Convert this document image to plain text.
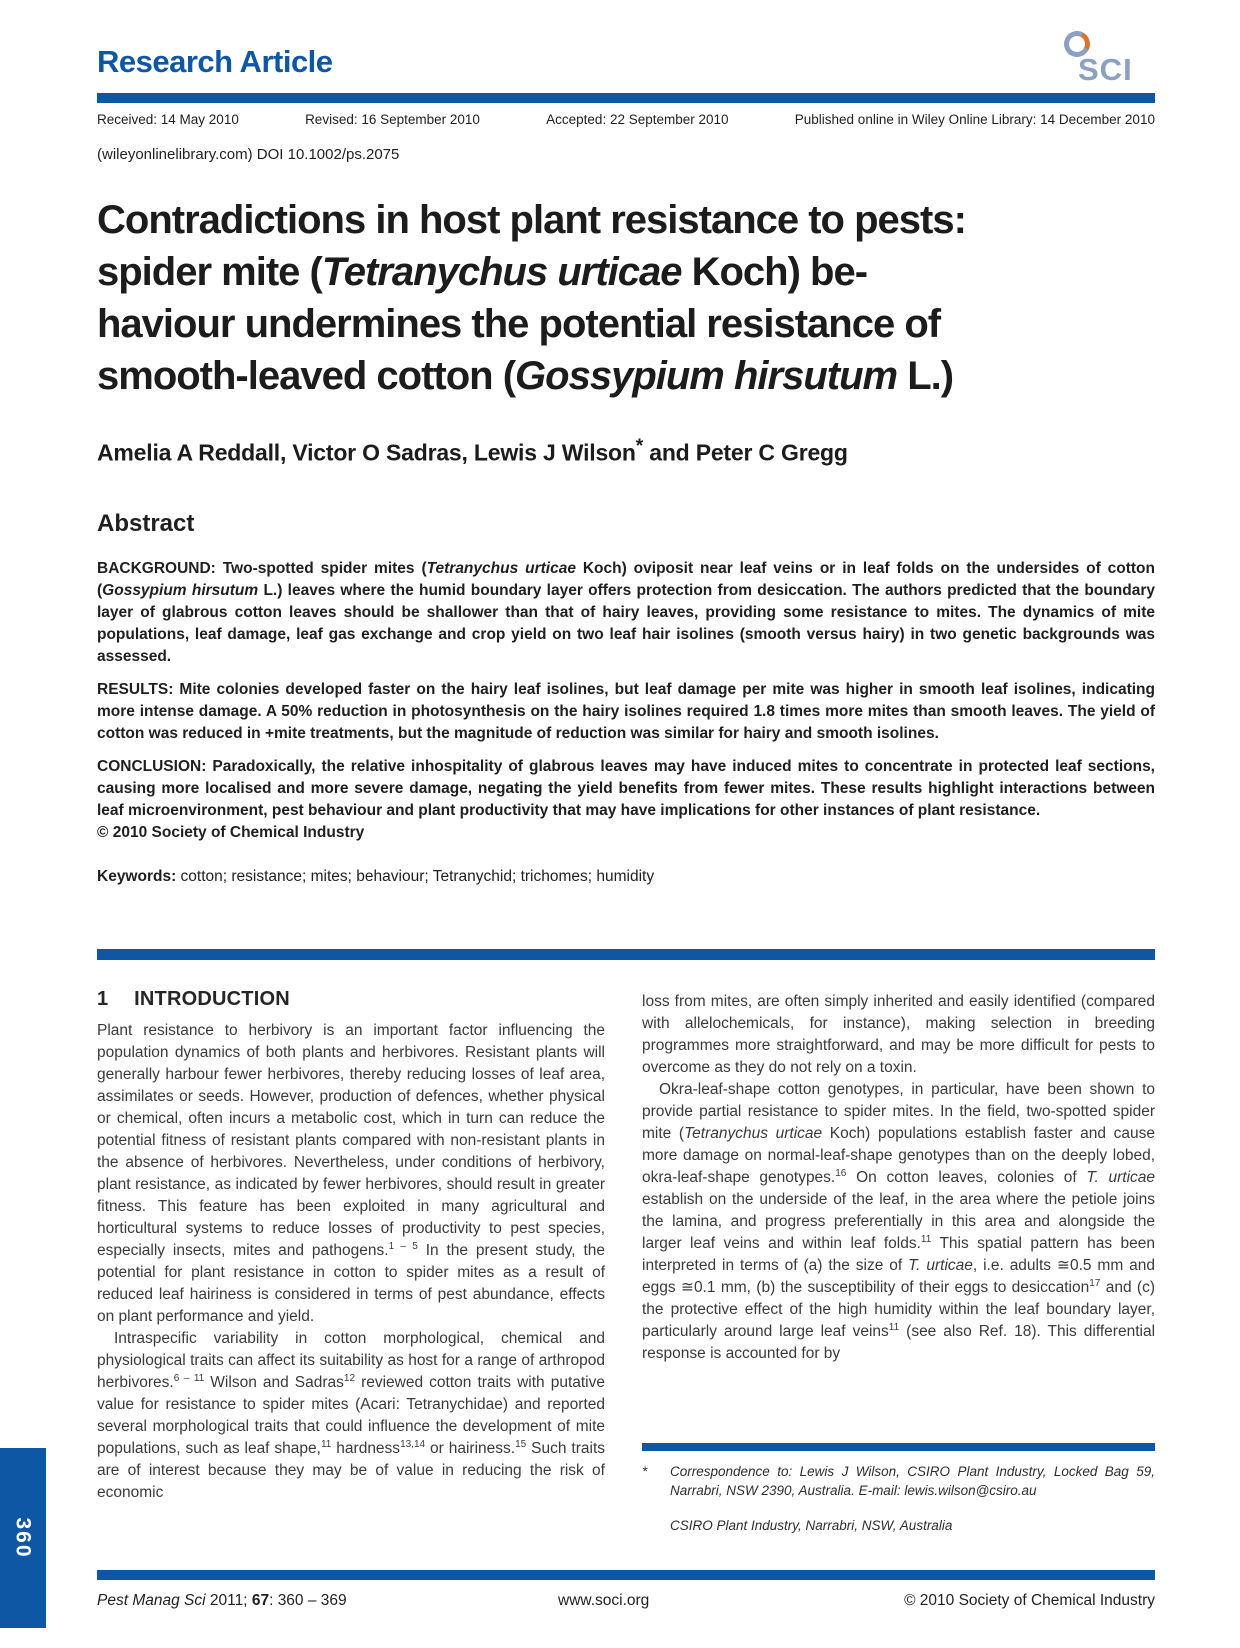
Research Article	SCI
Received: 14 May 2010	Revised: 16 September 2010	Accepted: 22 September 2010	Published online in Wiley Online Library: 14 December 2010
(wileyonlinelibrary.com) DOI 10.1002/ps.2075
Contradictions in host plant resistance to pests:
spider mite (Tetranychus urticae Koch) be-
haviour undermines the potential resistance of
smooth-leaved cotton (Gossypium hirsutum L.)
Amelia A Reddall, Victor O Sadras, Lewis J Wilson* and Peter C Gregg
Abstract

BACKGROUND: Two-spotted spider mites (Tetranychus urticae Koch) oviposit near leaf veins or in leaf folds on the undersides of cotton (Gossypium hirsutum L.) leaves where the humid boundary layer offers protection from desiccation. The authors predicted that the boundary layer of glabrous cotton leaves should be shallower than that of hairy leaves, providing some resistance to mites. The dynamics of mite populations, leaf damage, leaf gas exchange and crop yield on two leaf hair isolines (smooth versus hairy) in two genetic backgrounds was assessed.

RESULTS: Mite colonies developed faster on the hairy leaf isolines, but leaf damage per mite was higher in smooth leaf isolines, indicating more intense damage. A 50% reduction in photosynthesis on the hairy isolines required 1.8 times more mites than smooth leaves. The yield of cotton was reduced in +mite treatments, but the magnitude of reduction was similar for hairy and smooth isolines.

CONCLUSION: Paradoxically, the relative inhospitality of glabrous leaves may have induced mites to concentrate in protected leaf sections, causing more localised and more severe damage, negating the yield benefits from fewer mites. These results highlight interactions between leaf microenvironment, pest behaviour and plant productivity that may have implications for other instances of plant resistance.

© 2010 Society of Chemical Industry
Keywords: cotton; resistance; mites; behaviour; Tetranychid; trichomes; humidity
1 INTRODUCTION

Plant resistance to herbivory is an important factor influencing the population dynamics of both plants and herbivores. Resistant plants will generally harbour fewer herbivores, thereby reducing losses of leaf area, assimilates or seeds. However, production of defences, whether physical or chemical, often incurs a metabolic cost, which in turn can reduce the potential fitness of resistant plants compared with non-resistant plants in the absence of herbivores. Nevertheless, under conditions of herbivory, plant resistance, as indicated by fewer herbivores, should result in greater fitness. This feature has been exploited in many agricultural and horticultural systems to reduce losses of productivity to pest species, especially insects, mites and pathogens.$^{1 - 5}$ In the present study, the potential for plant resistance in cotton to spider mites as a result of reduced leaf hairiness is considered in terms of pest abundance, effects on plant performance and yield.

Intraspecific variability in cotton morphological, chemical and physiological traits can affect its suitability as host for a range of arthropod herbivores.$^{6 - 11}$ Wilson and Sadras$^{12}$ reviewed cotton traits with putative value for resistance to spider mites (Acari: Tetranychidae) and reported several morphological traits that could influence the development of mite populations, such as leaf shape,$^{11}$ hardness$^{13,14}$ or hairiness.$^{15}$ Such traits are of interest because they may be of value in reducing the risk of economic

loss from mites, are often simply inherited and easily identified (compared with allelochemicals, for instance), making selection in breeding programmes more straightforward, and may be more difficult for pests to overcome as they do not rely on a toxin.

Okra-leaf-shape cotton genotypes, in particular, have been shown to provide partial resistance to spider mites. In the field, two-spotted spider mite (Tetranychus urticae Koch) populations establish faster and cause more damage on normal-leaf-shape genotypes than on the deeply lobed, okra-leaf-shape genotypes.$^{16}$ On cotton leaves, colonies of T. urticae establish on the underside of the leaf, in the area where the petiole joins the lamina, and progress preferentially in this area and alongside the larger leaf veins and within leaf folds.$^{11}$ This spatial pattern has been interpreted in terms of (a) the size of T. urticae, i.e. adults ≅0.5 mm and eggs ≅0.1 mm, (b) the susceptibility of their eggs to desiccation$^{17}$ and (c) the protective effect of the high humidity within the leaf boundary layer, particularly around large leaf veins$^{11}$ (see also Ref. 18). This differential response is accounted for by

*	Correspondence to: Lewis J Wilson, CSIRO Plant Industry, Locked Bag 59, Narrabri, NSW 2390, Australia. E-mail: lewis.wilson@csiro.au
CSIRO Plant Industry, Narrabri, NSW, Australia
360
Pest Manag Sci 2011; 67: 360 – 369	www.soci.org	© 2010 Society of Chemical Industry
